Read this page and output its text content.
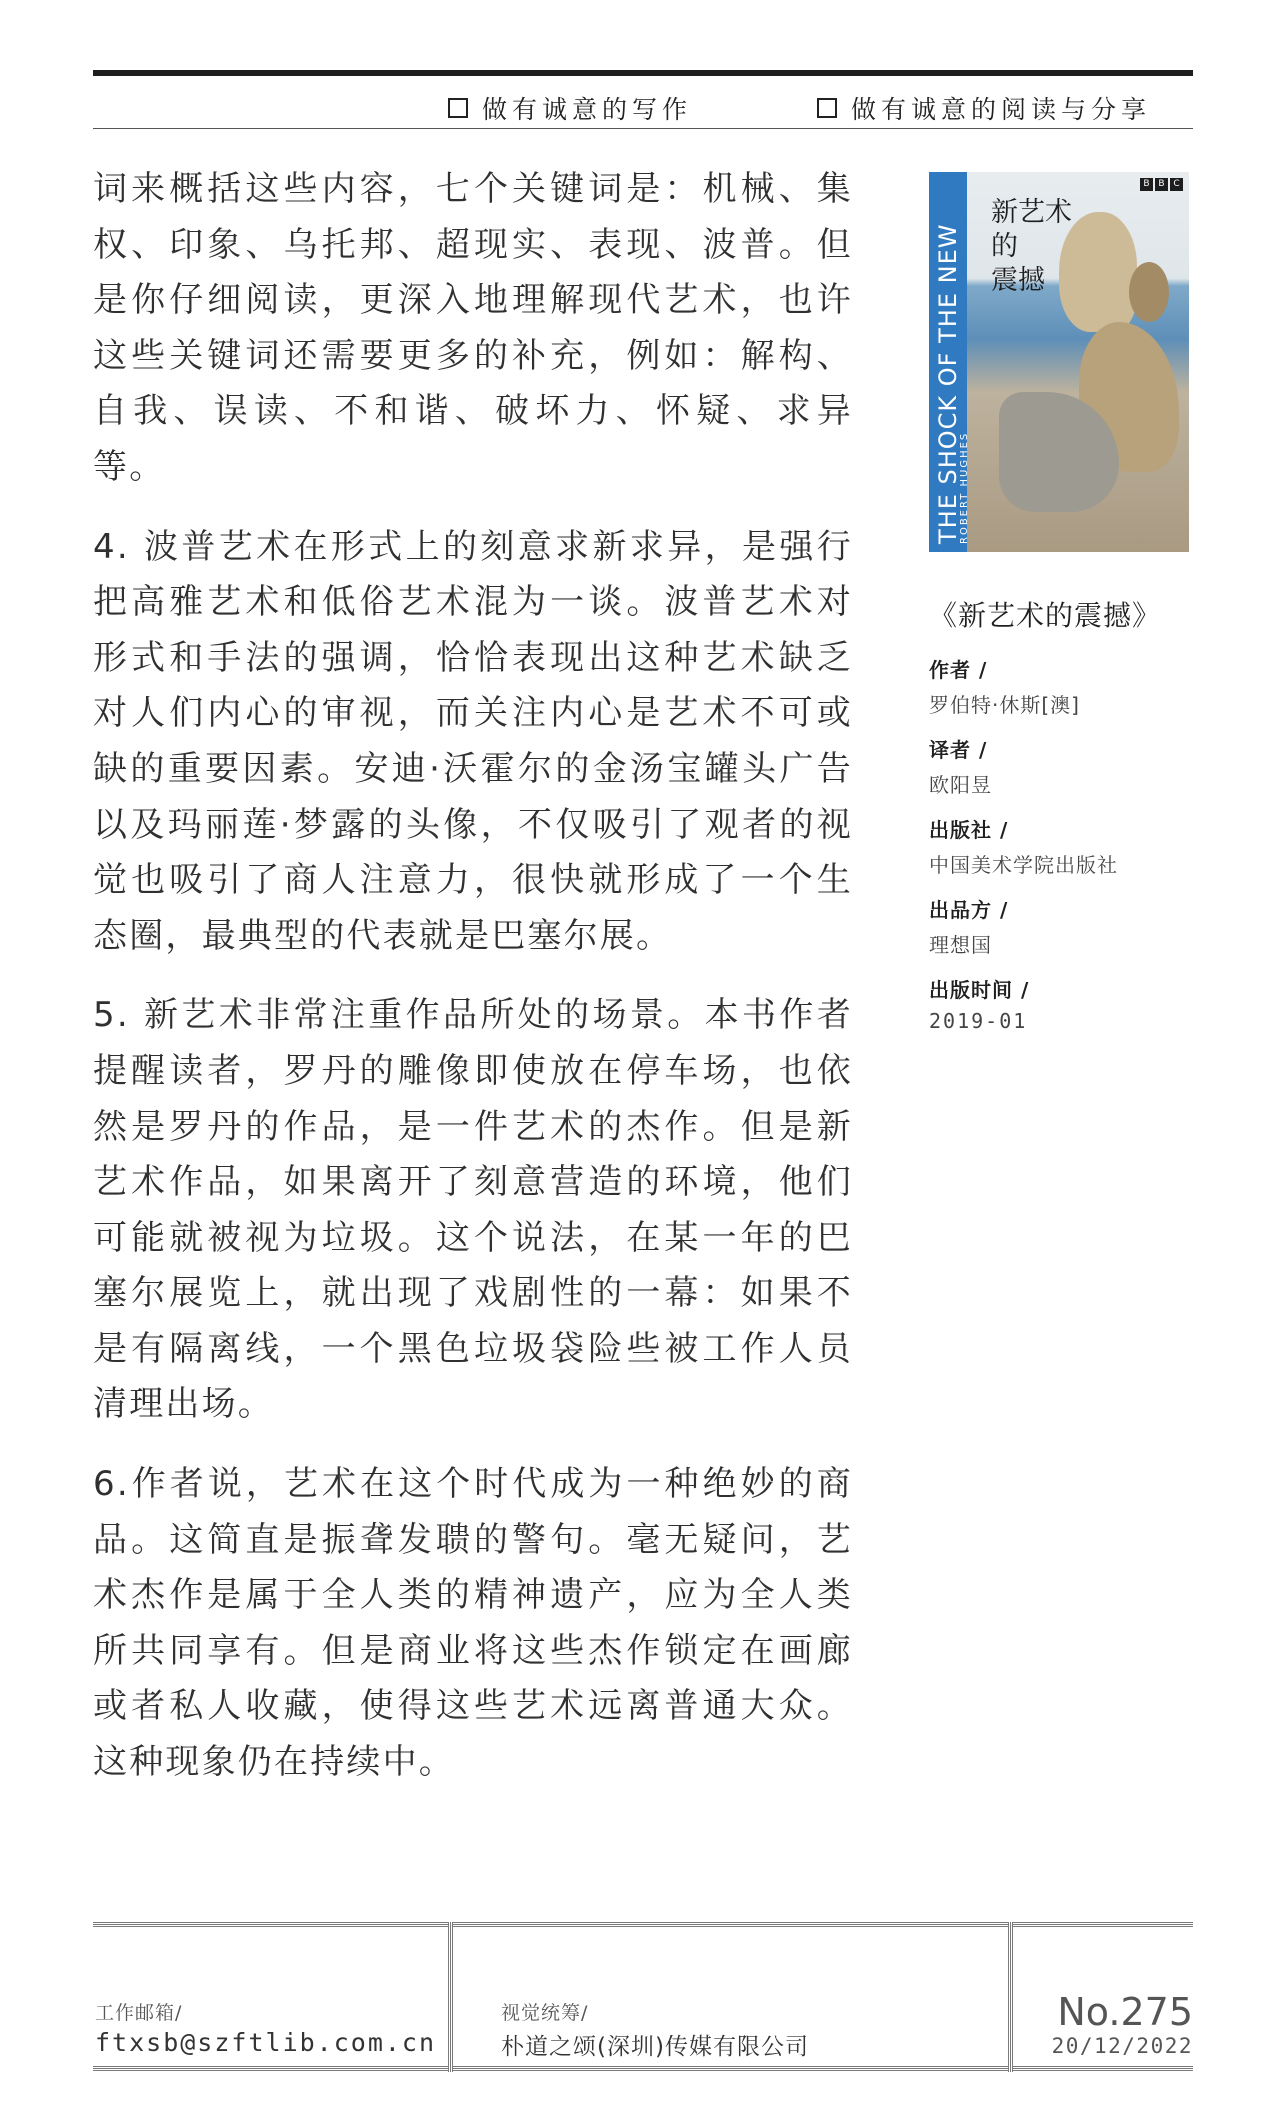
做有诚意的写作	做有诚意的阅读与分享

词来概括这些内容，七个关键词是：机械、集权、印象、乌托邦、超现实、表现、波普。但是你仔细阅读，更深入地理解现代艺术，也许这些关键词还需要更多的补充，例如：解构、自我、误读、不和谐、破坏力、怀疑、求异等。

4. 波普艺术在形式上的刻意求新求异，是强行把高雅艺术和低俗艺术混为一谈。波普艺术对形式和手法的强调，恰恰表现出这种艺术缺乏对人们内心的审视，而关注内心是艺术不可或缺的重要因素。安迪·沃霍尔的金汤宝罐头广告以及玛丽莲·梦露的头像，不仅吸引了观者的视觉也吸引了商人注意力，很快就形成了一个生态圈，最典型的代表就是巴塞尔展。

5. 新艺术非常注重作品所处的场景。本书作者提醒读者，罗丹的雕像即使放在停车场，也依然是罗丹的作品，是一件艺术的杰作。但是新艺术作品，如果离开了刻意营造的环境，他们可能就被视为垃圾。这个说法，在某一年的巴塞尔展览上，就出现了戏剧性的一幕：如果不是有隔离线，一个黑色垃圾袋险些被工作人员清理出场。

6.作者说，艺术在这个时代成为一种绝妙的商品。这简直是振聋发聩的警句。毫无疑问，艺术杰作是属于全人类的精神遗产，应为全人类所共同享有。但是商业将这些杰作锁定在画廊或者私人收藏，使得这些艺术远离普通大众。这种现象仍在持续中。

THE SHOCK OF THE NEW
ROBERT HUGHES
新艺术
的
震撼
B B C
《新艺术的震撼》
作者 /
罗伯特·休斯[澳]
译者 /
欧阳昱
出版社 /
中国美术学院出版社
出品方 /
理想国
出版时间 /
2019-01
工作邮箱/
ftxsb@szftlib.com.cn
视觉统筹/
朴道之颂(深圳)传媒有限公司
No.275
20/12/2022
